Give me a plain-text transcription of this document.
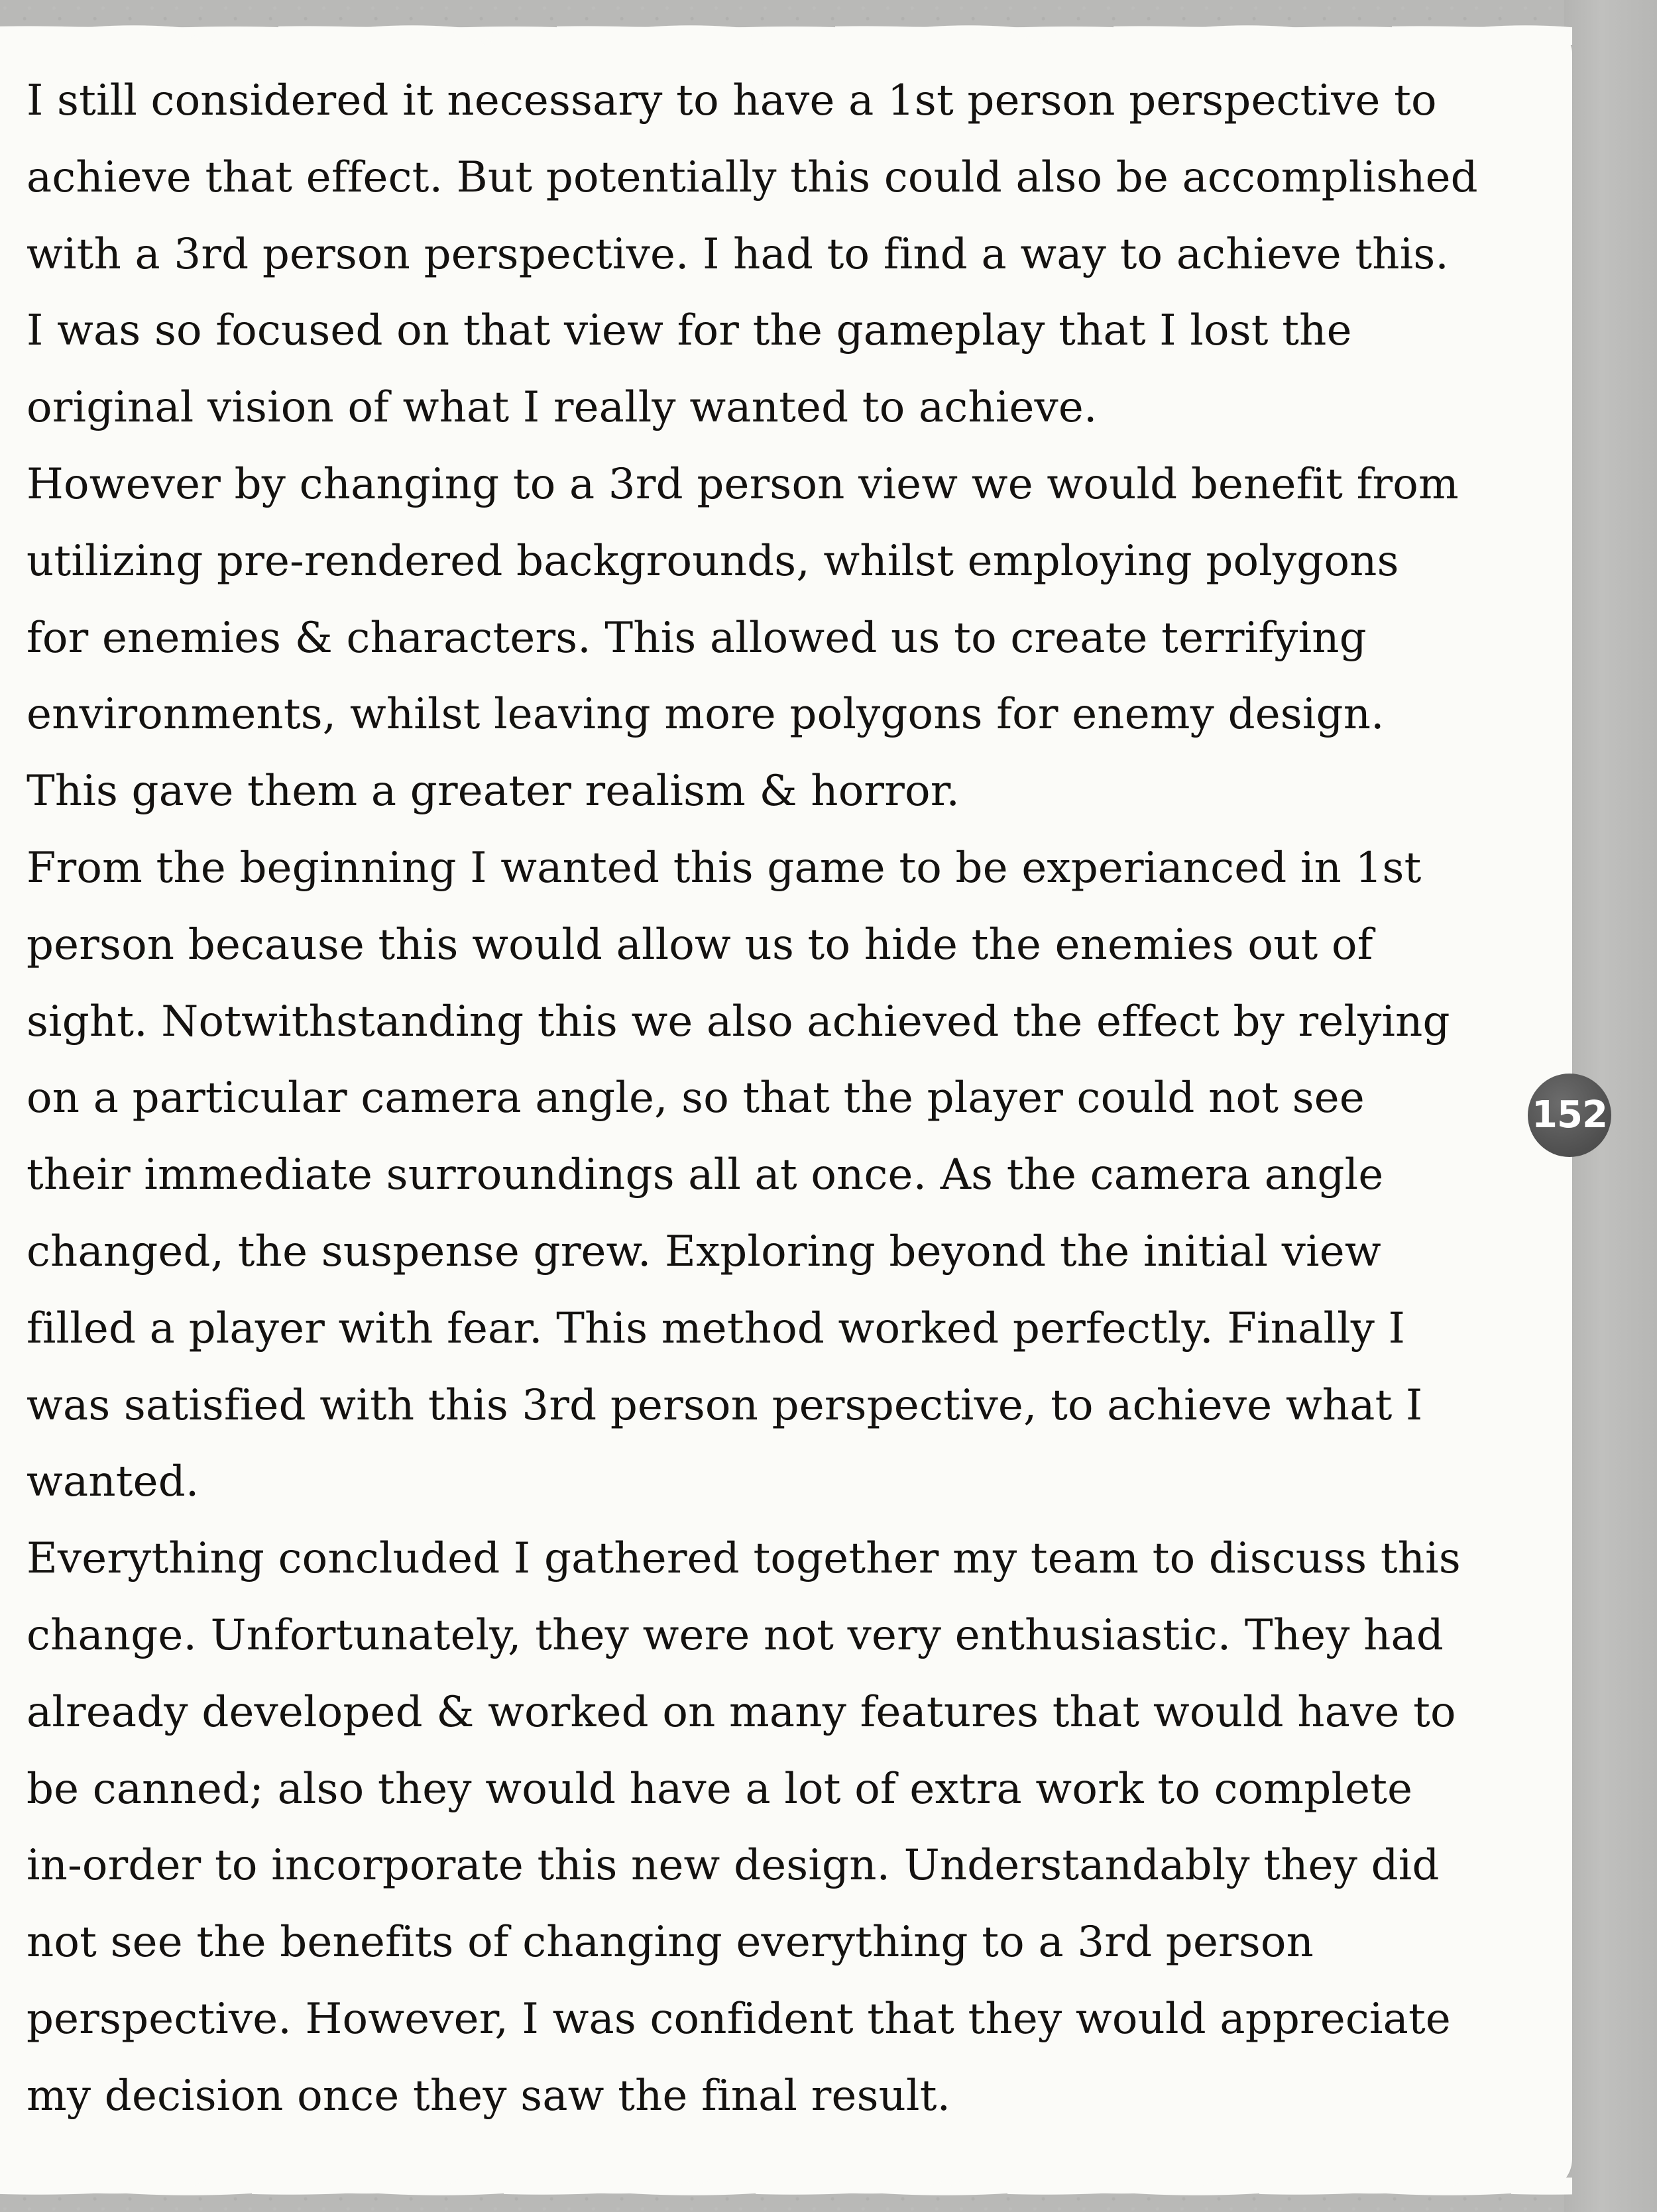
I still considered it necessary to have a 1st person perspective to
achieve that effect. But potentially this could also be accomplished
with a 3rd person perspective. I had to find a way to achieve this.
I was so focused on that view for the gameplay that I lost the
original vision of what I really wanted to achieve.
However by changing to a 3rd person view we would benefit from
utilizing pre-rendered backgrounds, whilst employing polygons
for enemies & characters. This allowed us to create terrifying
environments, whilst leaving more polygons for enemy design.
This gave them a greater realism & horror.
From the beginning I wanted this game to be experianced in 1st
person because this would allow us to hide the enemies out of
sight. Notwithstanding this we also achieved the effect by relying
on a particular camera angle, so that the player could not see
their immediate surroundings all at once. As the camera angle
changed, the suspense grew. Exploring beyond the initial view
filled a player with fear. This method worked perfectly. Finally I
was satisfied with this 3rd person perspective, to achieve what I
wanted.
Everything concluded I gathered together my team to discuss this
change. Unfortunately, they were not very enthusiastic. They had
already developed & worked on many features that would have to
be canned; also they would have a lot of extra work to complete
in-order to incorporate this new design. Understandably they did
not see the benefits of changing everything to a 3rd person
perspective. However, I was confident that they would appreciate
my decision once they saw the final result.
152
